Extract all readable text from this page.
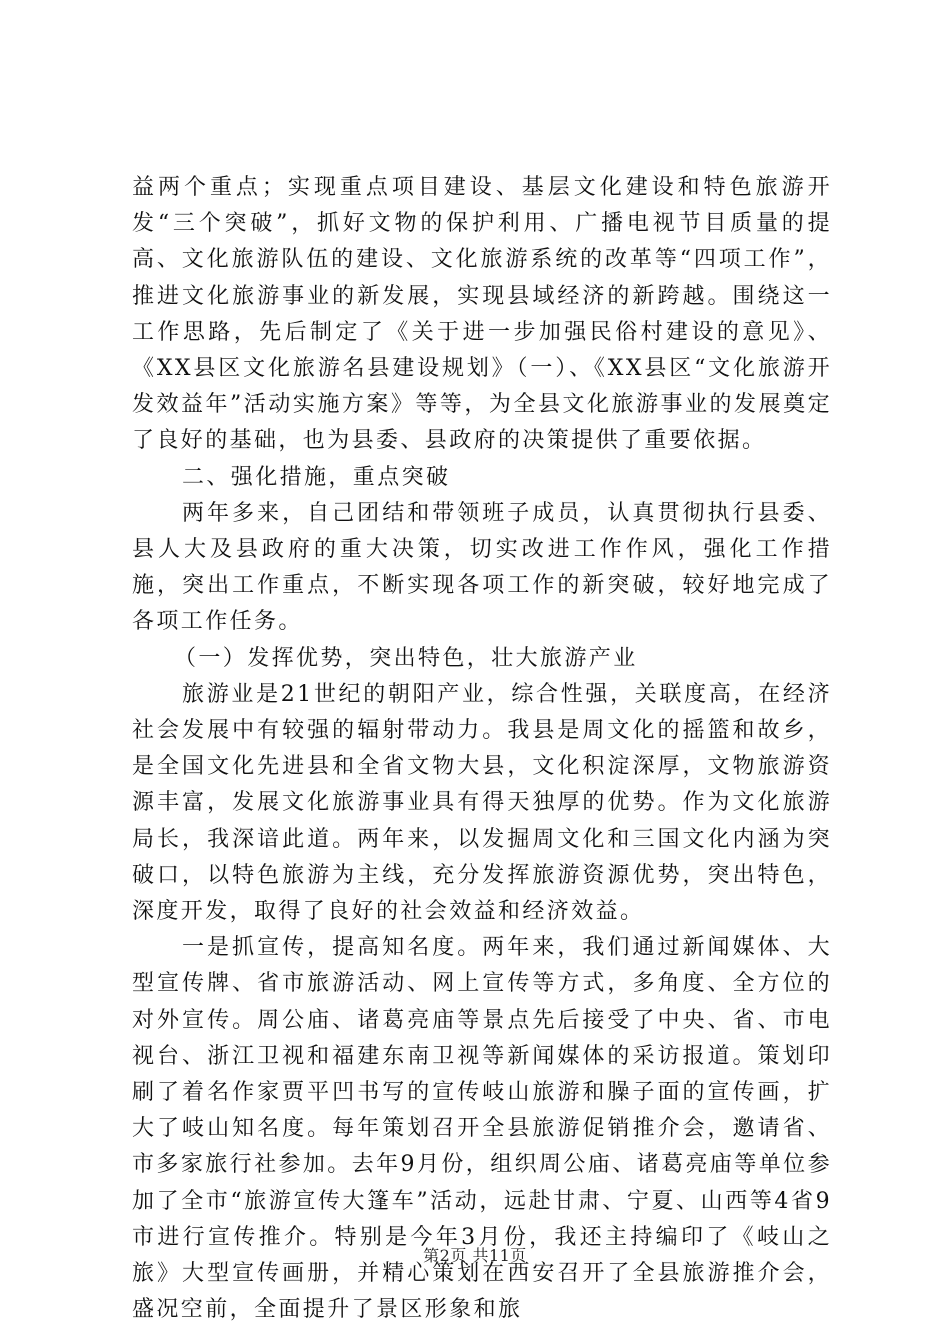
益两个重点；实现重点项目建设、基层文化建设和特色旅游开发“三个突破”，抓好文物的保护利用、广播电视节目质量的提高、文化旅游队伍的建设、文化旅游系统的改革等“四项工作”，推进文化旅游事业的新发展，实现县域经济的新跨越。围绕这一工作思路，先后制定了《关于进一步加强民俗村建设的意见》、《XX县区文化旅游名县建设规划》（一）、《XX县区“文化旅游开发效益年”活动实施方案》等等，为全县文化旅游事业的发展奠定了良好的基础，也为县委、县政府的决策提供了重要依据。

二、强化措施，重点突破

两年多来，自己团结和带领班子成员，认真贯彻执行县委、县人大及县政府的重大决策，切实改进工作作风，强化工作措施，突出工作重点，不断实现各项工作的新突破，较好地完成了各项工作任务。

（一）发挥优势，突出特色，壮大旅游产业

旅游业是21世纪的朝阳产业，综合性强，关联度高，在经济社会发展中有较强的辐射带动力。我县是周文化的摇篮和故乡，是全国文化先进县和全省文物大县，文化积淀深厚，文物旅游资源丰富，发展文化旅游事业具有得天独厚的优势。作为文化旅游局长，我深谙此道。两年来，以发掘周文化和三国文化内涵为突破口，以特色旅游为主线，充分发挥旅游资源优势，突出特色，深度开发，取得了良好的社会效益和经济效益。

一是抓宣传，提高知名度。两年来，我们通过新闻媒体、大型宣传牌、省市旅游活动、网上宣传等方式，多角度、全方位的对外宣传。周公庙、诸葛亮庙等景点先后接受了中央、省、市电视台、浙江卫视和福建东南卫视等新闻媒体的采访报道。策划印刷了着名作家贾平凹书写的宣传岐山旅游和臊子面的宣传画，扩大了岐山知名度。每年策划召开全县旅游促销推介会，邀请省、市多家旅行社参加。去年9月份，组织周公庙、诸葛亮庙等单位参加了全市“旅游宣传大篷车”活动，远赴甘肃、宁夏、山西等4省9市进行宣传推介。特别是今年3月份，我还主持编印了《岐山之旅》大型宣传画册，并精心策划在西安召开了全县旅游推介会，盛况空前，全面提升了景区形象和旅

第2页 共11页
